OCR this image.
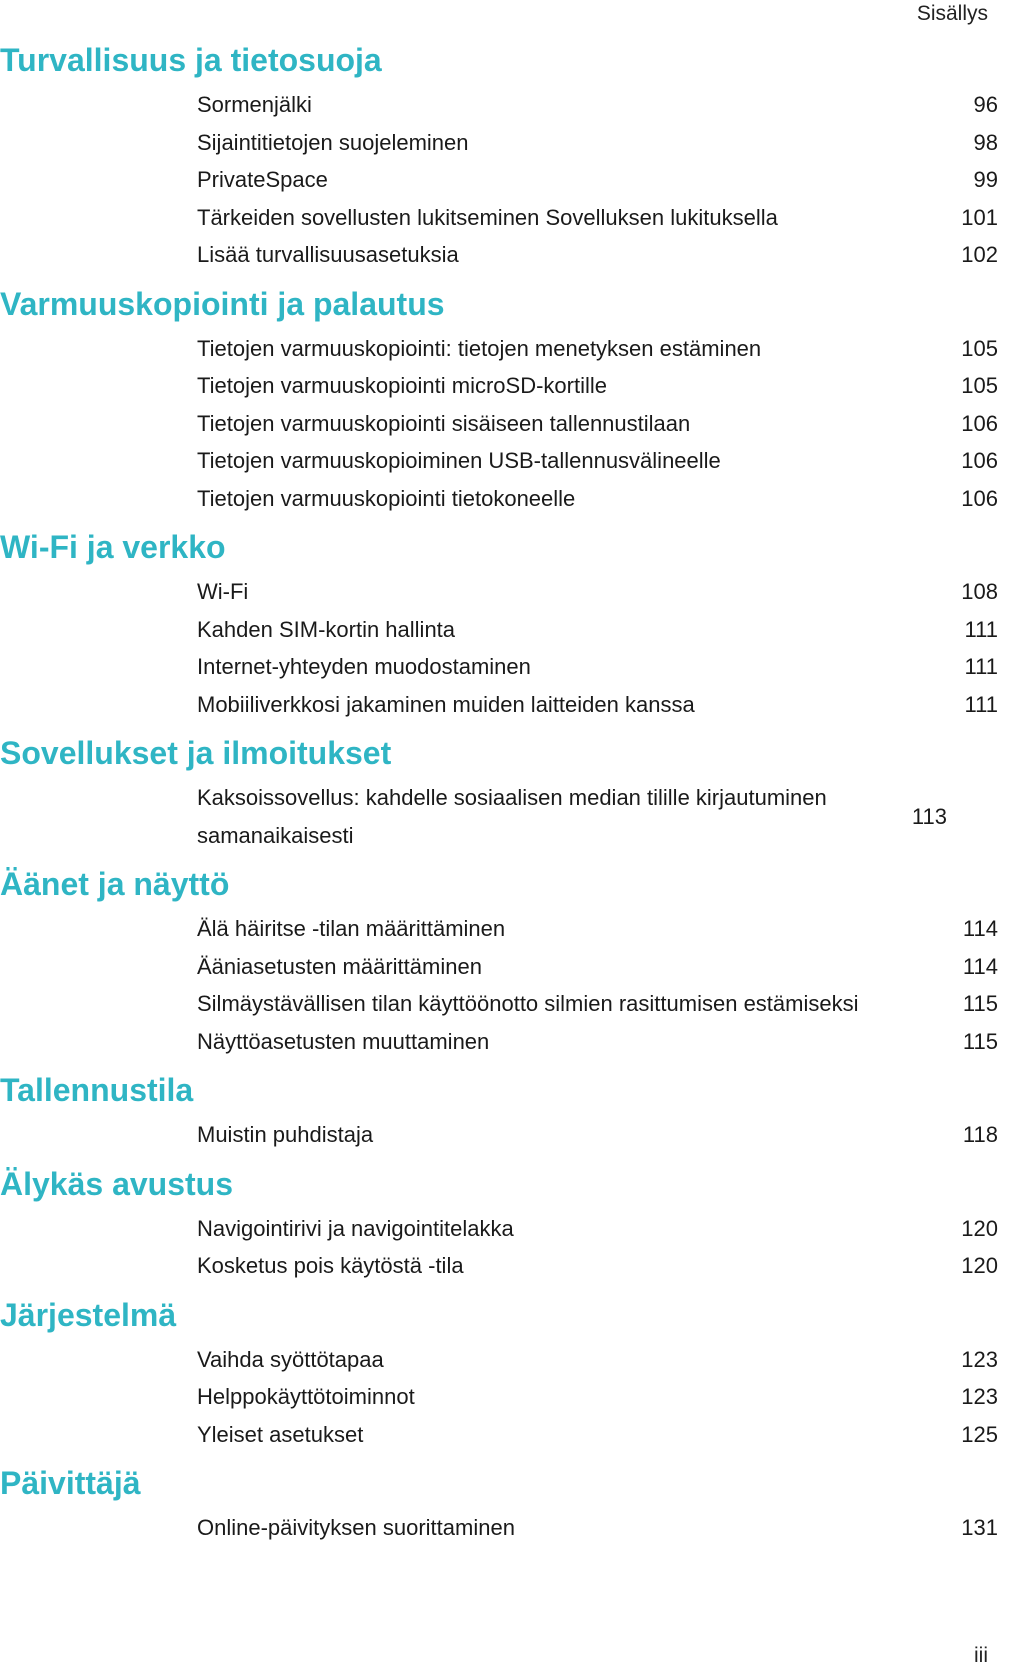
Sisällys
Turvallisuus ja tietosuoja
Sormenjälki	96
Sijaintitietojen suojeleminen	98
PrivateSpace	99
Tärkeiden sovellusten lukitseminen Sovelluksen lukituksella	101
Lisää turvallisuusasetuksia	102
Varmuuskopiointi ja palautus
Tietojen varmuuskopiointi: tietojen menetyksen estäminen	105
Tietojen varmuuskopiointi microSD-kortille	105
Tietojen varmuuskopiointi sisäiseen tallennustilaan	106
Tietojen varmuuskopioiminen USB-tallennusvälineelle	106
Tietojen varmuuskopiointi tietokoneelle	106
Wi-Fi ja verkko
Wi-Fi	108
Kahden SIM-kortin hallinta	111
Internet-yhteyden muodostaminen	111
Mobiiliverkkosi jakaminen muiden laitteiden kanssa	111
Sovellukset ja ilmoitukset
Kaksoissovellus: kahdelle sosiaalisen median tilille kirjautuminen samanaikaisesti
113
Äänet ja näyttö
Älä häiritse -tilan määrittäminen	114
Ääniasetusten määrittäminen	114
Silmäystävällisen tilan käyttöönotto silmien rasittumisen estämiseksi	115
Näyttöasetusten muuttaminen	115
Tallennustila
Muistin puhdistaja	118
Älykäs avustus
Navigointirivi ja navigointitelakka	120
Kosketus pois käytöstä -tila	120
Järjestelmä
Vaihda syöttötapaa	123
Helppokäyttötoiminnot	123
Yleiset asetukset	125
Päivittäjä
Online-päivityksen suorittaminen	131
iii
